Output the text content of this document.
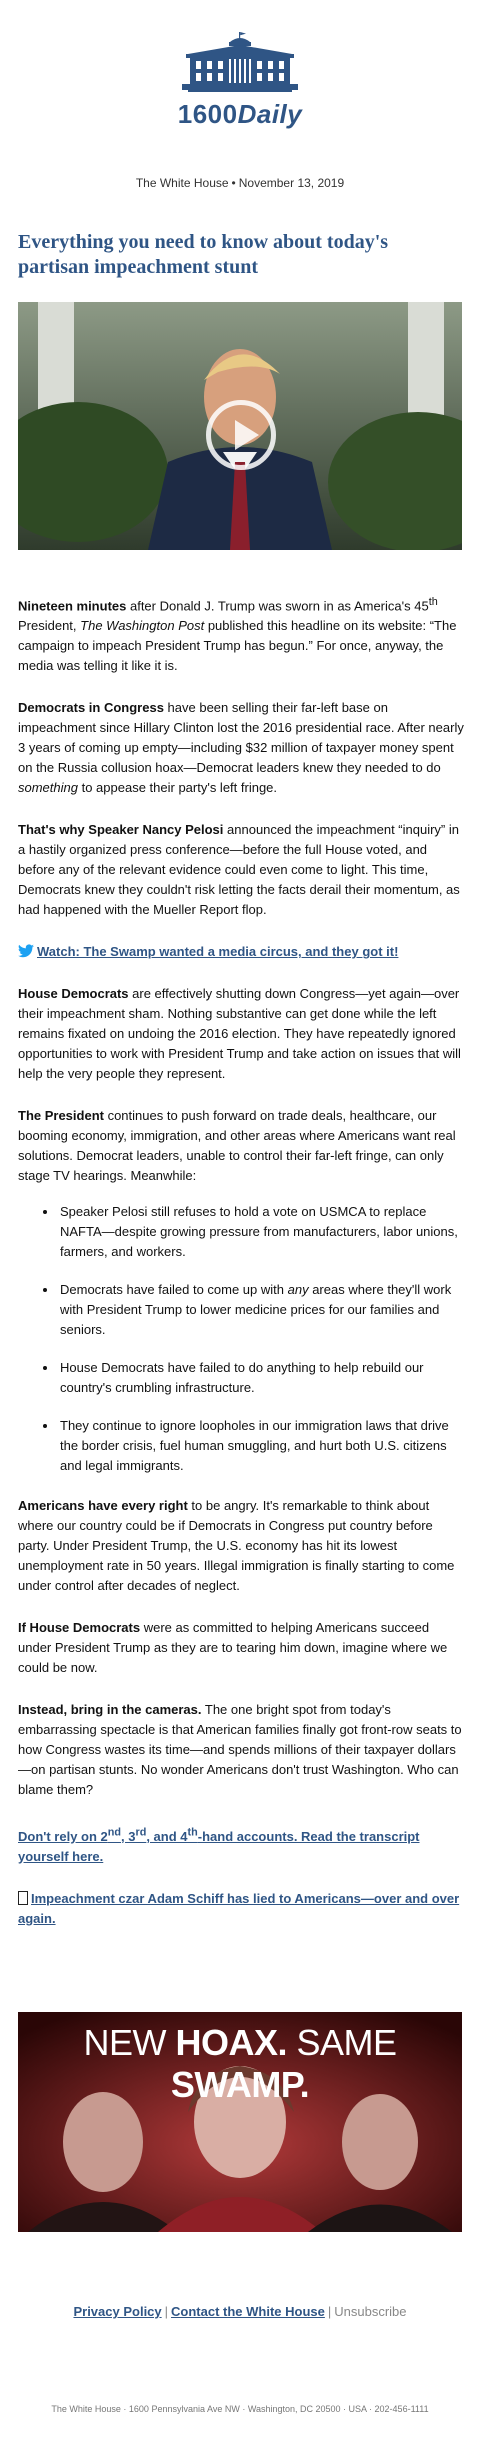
1600Daily
The White House • November 13, 2019
Everything you need to know about today's partisan impeachment stunt

Nineteen minutes after Donald J. Trump was sworn in as America's 45th President, The Washington Post published this headline on its website: “The campaign to impeach President Trump has begun.” For once, anyway, the media was telling it like it is.

Democrats in Congress have been selling their far-left base on impeachment since Hillary Clinton lost the 2016 presidential race. After nearly 3 years of coming up empty—including $32 million of taxpayer money spent on the Russia collusion hoax—Democrat leaders knew they needed to do something to appease their party's left fringe.

That's why Speaker Nancy Pelosi announced the impeachment “inquiry” in a hastily organized press conference—before the full House voted, and before any of the relevant evidence could even come to light. This time, Democrats knew they couldn't risk letting the facts derail their momentum, as had happened with the Mueller Report flop.

Watch: The Swamp wanted a media circus, and they got it!

House Democrats are effectively shutting down Congress—yet again—over their impeachment sham. Nothing substantive can get done while the left remains fixated on undoing the 2016 election. They have repeatedly ignored opportunities to work with President Trump and take action on issues that will help the very people they represent.

The President continues to push forward on trade deals, healthcare, our booming economy, immigration, and other areas where Americans want real solutions. Democrat leaders, unable to control their far-left fringe, can only stage TV hearings. Meanwhile:

• Speaker Pelosi still refuses to hold a vote on USMCA to replace NAFTA—despite growing pressure from manufacturers, labor unions, farmers, and workers.
• Democrats have failed to come up with any areas where they'll work with President Trump to lower medicine prices for our families and seniors.
• House Democrats have failed to do anything to help rebuild our country's crumbling infrastructure.
• They continue to ignore loopholes in our immigration laws that drive the border crisis, fuel human smuggling, and hurt both U.S. citizens and legal immigrants.

Americans have every right to be angry. It's remarkable to think about where our country could be if Democrats in Congress put country before party. Under President Trump, the U.S. economy has hit its lowest unemployment rate in 50 years. Illegal immigration is finally starting to come under control after decades of neglect.

If House Democrats were as committed to helping Americans succeed under President Trump as they are to tearing him down, imagine where we could be now.

Instead, bring in the cameras. The one bright spot from today's embarrassing spectacle is that American families finally got front-row seats to how Congress wastes its time—and spends millions of their taxpayer dollars—on partisan stunts. No wonder Americans don't trust Washington. Who can blame them?

Don't rely on 2nd, 3rd, and 4th-hand accounts. Read the transcript yourself here.

Impeachment czar Adam Schiff has lied to Americans—over and over again.

NEW HOAX. SAME SWAMP.
Privacy Policy | Contact the White House | Unsubscribe
The White House · 1600 Pennsylvania Ave NW · Washington, DC 20500 · USA · 202-456-1111
